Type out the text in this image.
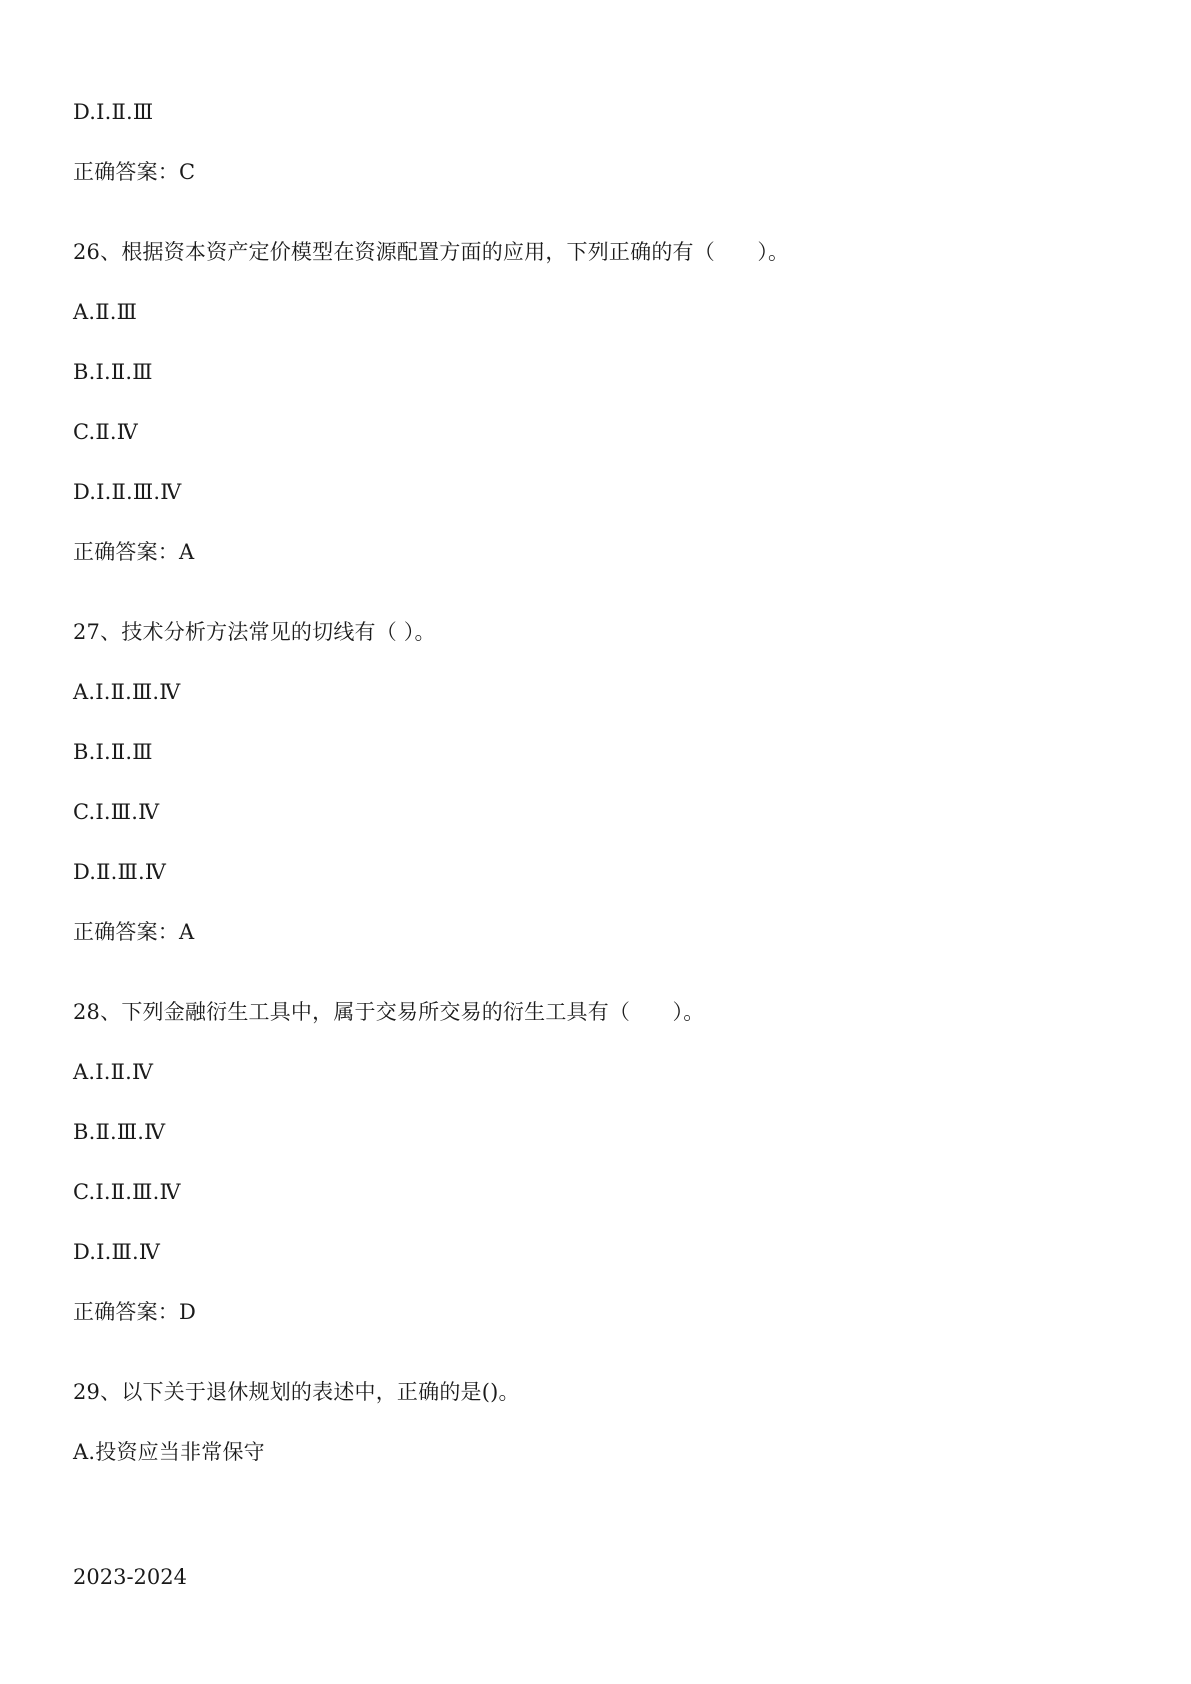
D.Ⅰ.Ⅱ.Ⅲ
正确答案：C
26、根据资本资产定价模型在资源配置方面的应用，下列正确的有（　　）。
A.Ⅱ.Ⅲ
B.Ⅰ.Ⅱ.Ⅲ
C.Ⅱ.Ⅳ
D.Ⅰ.Ⅱ.Ⅲ.Ⅳ
正确答案：A
27、技术分析方法常见的切线有（ ）。
A.Ⅰ.Ⅱ.Ⅲ.Ⅳ
B.Ⅰ.Ⅱ.Ⅲ
C.Ⅰ.Ⅲ.Ⅳ
D.Ⅱ.Ⅲ.Ⅳ
正确答案：A
28、下列金融衍生工具中，属于交易所交易的衍生工具有（　　）。
A.Ⅰ.Ⅱ.Ⅳ
B.Ⅱ.Ⅲ.Ⅳ
C.Ⅰ.Ⅱ.Ⅲ.Ⅳ
D.Ⅰ.Ⅲ.Ⅳ
正确答案：D
29、以下关于退休规划的表述中，正确的是()。
A.投资应当非常保守
2023-2024
